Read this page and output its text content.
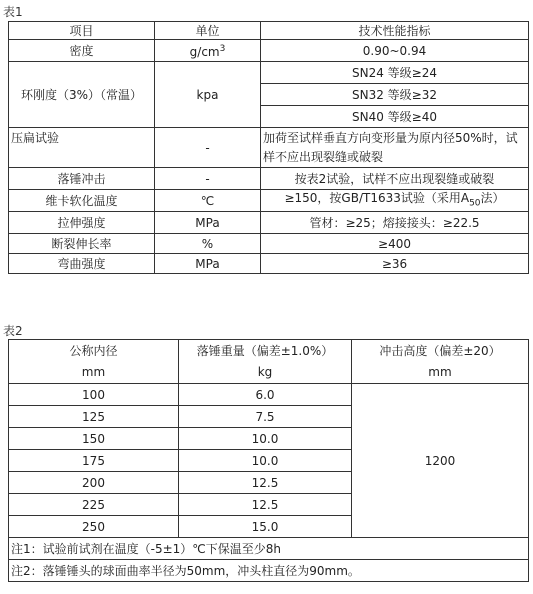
表1
项目	单位	技术性能指标
密度	$g/cm^3$	0.90~0.94
环刚度（3%）（常温）	kpa	SN24 等级≥24
		SN32 等级≥32
		SN40 等级≥40
压扁试验	-	加荷至试样垂直方向变形量为原内径50%时，试样不应出现裂缝或破裂
落锤冲击	-	按表2试验，试样不应出现裂缝或破裂
维卡软化温度	℃	≥150，按GB/T1633试验（采用$A_{50}$法）
拉伸强度	MPa	管材：≥25；熔接接头：≥22.5
断裂伸长率	%	≥400
弯曲强度	MPa	≥36
表2
公称内径	落锤重量（偏差±1.0%）	冲击高度（偏差±20）
mm	kg	mm
100	6.0	1200
125	7.5	
150	10.0	
175	10.0	
200	12.5	
225	12.5	
250	15.0	
注1：试验前试剂在温度（-5±1）℃下保温至少8h		
注2：落锤锤头的球面曲率半径为50mm，冲头柱直径为90mm。		
